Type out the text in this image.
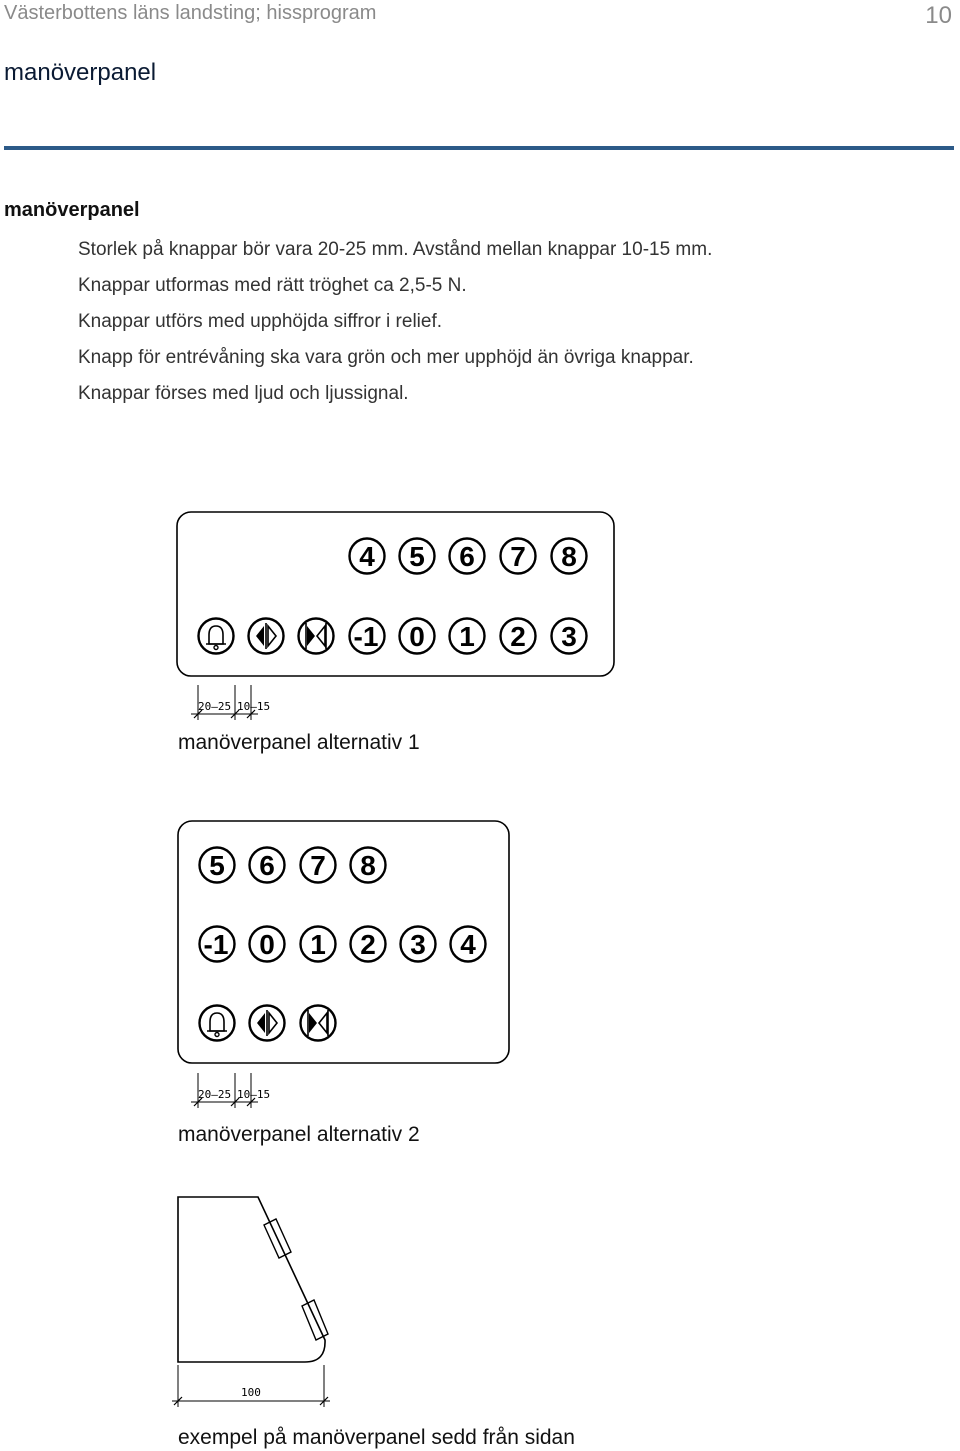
Västerbottens läns landsting; hissprogram	10
manöverpanel
manöverpanel
Storlek på knappar bör vara 20-25 mm. Avstånd mellan knappar 10-15 mm.
Knappar utformas med rätt tröghet ca 2,5-5 N.
Knappar utförs med upphöjda siffror i relief.
Knapp för entrévåning ska vara grön och mer upphöjd än övriga knappar.
Knappar förses med ljud och ljussignal.
4 5 6 7 8
-1 0 1 2 3
20–25 10–15
5 6 7 8
-1 0 1 2 3 4
20–25 10–15
100
manöverpanel alternativ 1
manöverpanel alternativ 2
exempel på manöverpanel sedd från sidan
